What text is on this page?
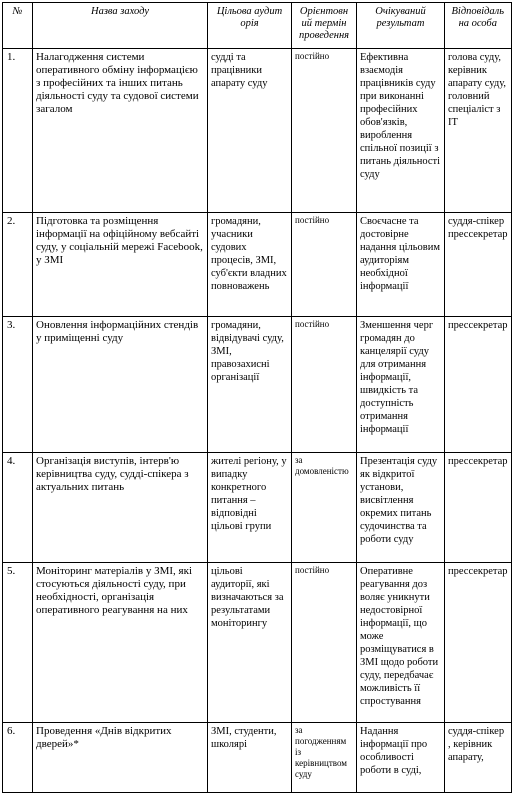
№	Назва заходу	Цільова аудит орія	Орієнтовн ий термін проведення	Очікуваний результат	Відповідаль на особа
1.	Налагодження системи оперативного обміну інформацією з професійних та інших питань діяльності суду та судової системи загалом	судді та працівники апарату суду	постійно	Ефективна взаємодія працівників суду при виконанні професійних обов'язків, вироблення спільної позиції з питань діяльності суду	голова суду, керівник апарату суду, головний спеціаліст з ІТ
2.	Підготовка та розміщення інформації на офіційному вебсайті суду, у соціальній мережі Facebook, у ЗМІ	громадяни, учасники судових процесів, ЗМІ, суб'єкти владних повноважень	постійно	Своєчасне та достовірне надання цільовим аудиторіям необхідної інформації	суддя-спікер прессекретар
3.	Оновлення інформаційних стендів у приміщенні суду	громадяни, відвідувачі суду, ЗМІ, правозахисні організації	постійно	Зменшення черг громадян до канцелярії суду для отримання інформації, швидкість та доступність отримання інформації	прессекретар
4.	Організація виступів, інтерв'ю керівництва суду, судді-спікера з актуальних питань	жителі регіону, у випадку конкретного питання – відповідні цільові групи	за домовленістю	Презентація суду як відкритої установи, висвітлення окремих питань судочинства та роботи суду	прессекретар
5.	Моніторинг матеріалів у ЗМІ, які стосуються діяльності суду, при необхідності, організація оперативного реагування на них	цільові аудиторії, які визначаються за результатами моніторингу	постійно	Оперативне реагування доз воляє уникнути недостовірної інформації, що може розміщуватися в ЗМІ щодо роботи суду, передбачає можливість її спростування	прессекретар
6.	Проведення «Днів відкритих дверей»*	ЗМІ, студенти, школярі	за погодженням із керівництвом суду	Надання інформації про особливості роботи в суді,	суддя-спікер , керівник апарату,
